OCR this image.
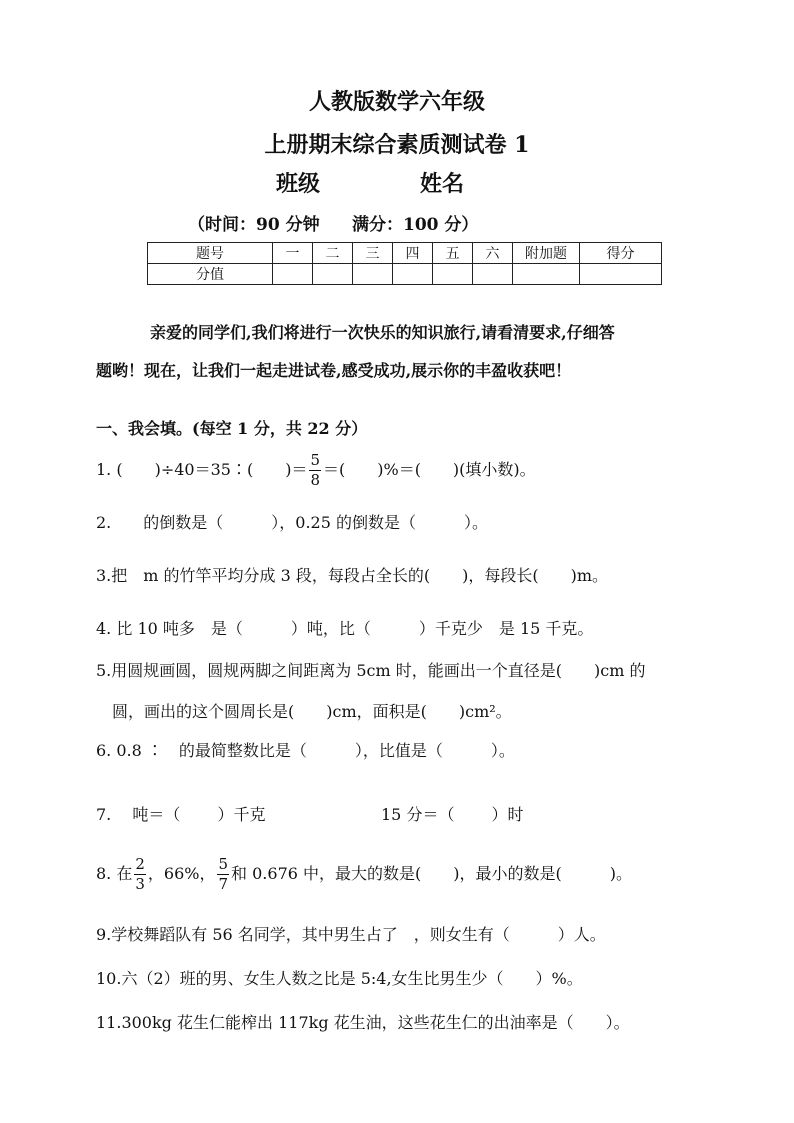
人教版数学六年级
上册期末综合素质测试卷 1
班级	姓名
（时间：90 分钟 满分：100 分）
题号	一	二	三	四	五	六	附加题	得分
分值								
亲爱的同学们,我们将进行一次快乐的知识旅行,请看清要求,仔细答
题哟！现在，让我们一起走进试卷,感受成功,展示你的丰盈收获吧！
一、我会填。(每空 1 分，共 22 分）
1. (　　)÷40＝35∶(　　)＝ $\frac{5}{8}$ ＝(　　)%＝(　　)(填小数)。
2.　　的倒数是（　　　），0.25 的倒数是（　　　）。
3.把　m 的竹竿平均分成 3 段，每段占全长的(　　)，每段长(　　)m。
4. 比 10 吨多　是（　　　）吨，比（　　　）千克少　是 15 千克。
5.用圆规画圆，圆规两脚之间距离为 5cm 时，能画出一个直径是(　　)cm 的
圆，画出的这个圆周长是(　　)cm，面积是(　　)cm²。
6. 0.8 ∶　的最简整数比是（　　　），比值是（　　　）。
7.　 吨＝（　　 ）千克	15 分＝（　　 ）时
8. 在 $\frac{2}{3}$ ，66%， $\frac{5}{7}$ 和 0.676 中，最大的数是(　　)，最小的数是(　　　)。
9.学校舞蹈队有 56 名同学，其中男生占了　，则女生有（　　　）人。
10.六（2）班的男、女生人数之比是 5:4,女生比男生少（　　）%。
11.300kg 花生仁能榨出 117kg 花生油，这些花生仁的出油率是（　　）。
